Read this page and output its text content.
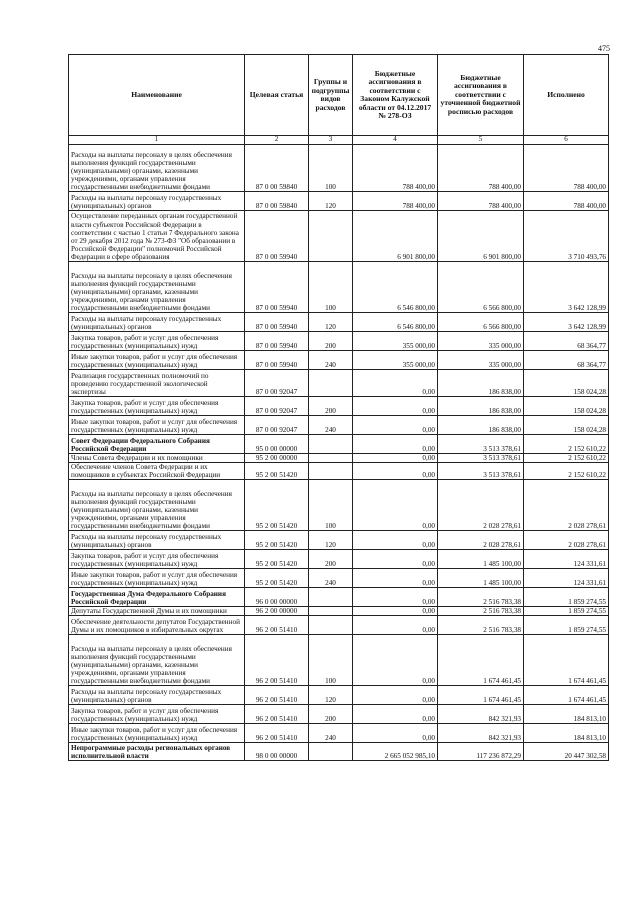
475
Наименование	Целевая статья	Группы и подгруппы видов расходов	Бюджетные ассигнования в соответствии с Законом Калужской области от 04.12.2017 № 278-ОЗ	Бюджетные ассигнования в соответствии с уточненной бюджетной росписью расходов	Исполнено
1	2	3	4	5	6
Расходы на выплаты персоналу в целях обеспечения выполнения функций государственными (муниципальными) органами, казенными учреждениями, органами управления государственными внебюджетными фондами	87 0 00 59840	100	788 400,00	788 400,00	788 400,00
Расходы на выплаты персоналу государственных (муниципальных) органов	87 0 00 59840	120	788 400,00	788 400,00	788 400,00
Осуществление переданных органам государственной власти субъектов Российской Федерации в соответствии с частью 1 статьи 7 Федерального закона от 29 декабря 2012 года № 273-ФЗ "Об образовании в Российской Федерации" полномочий Российской Федерации в сфере образования	87 0 00 59940		6 901 800,00	6 901 800,00	3 710 493,76
Расходы на выплаты персоналу в целях обеспечения выполнения функций государственными (муниципальными) органами, казенными учреждениями, органами управления государственными внебюджетными фондами	87 0 00 59940	100	6 546 800,00	6 566 800,00	3 642 128,99
Расходы на выплаты персоналу государственных (муниципальных) органов	87 0 00 59940	120	6 546 800,00	6 566 800,00	3 642 128,99
Закупка товаров, работ и услуг для обеспечения государственных (муниципальных) нужд	87 0 00 59940	200	355 000,00	335 000,00	68 364,77
Иные закупки товаров, работ и услуг для обеспечения государственных (муниципальных) нужд	87 0 00 59940	240	355 000,00	335 000,00	68 364,77
Реализация государственных полномочий по проведению государственной экологической экспертизы	87 0 00 92047		0,00	186 838,00	158 024,28
Закупка товаров, работ и услуг для обеспечения государственных (муниципальных) нужд	87 0 00 92047	200	0,00	186 838,00	158 024,28
Иные закупки товаров, работ и услуг для обеспечения государственных (муниципальных) нужд	87 0 00 92047	240	0,00	186 838,00	158 024,28
Совет Федерации Федерального Собрания Российской Федерации	95 0 00 00000		0,00	3 513 378,61	2 152 610,22
Члены Совета Федерации и их помощники	95 2 00 00000		0,00	3 513 378,61	2 152 610,22
Обеспечение членов Совета Федерации и их помощников в субъектах Российской Федерации	95 2 00 51420		0,00	3 513 378,61	2 152 610,22
Расходы на выплаты персоналу в целях обеспечения выполнения функций государственными (муниципальными) органами, казенными учреждениями, органами управления государственными внебюджетными фондами	95 2 00 51420	100	0,00	2 028 278,61	2 028 278,61
Расходы на выплаты персоналу государственных (муниципальных) органов	95 2 00 51420	120	0,00	2 028 278,61	2 028 278,61
Закупка товаров, работ и услуг для обеспечения государственных (муниципальных) нужд	95 2 00 51420	200	0,00	1 485 100,00	124 331,61
Иные закупки товаров, работ и услуг для обеспечения государственных (муниципальных) нужд	95 2 00 51420	240	0,00	1 485 100,00	124 331,61
Государственная Дума Федерального Собрания Российской Федерации	96 0 00 00000		0,00	2 516 783,38	1 859 274,55
Депутаты Государственной Думы и их помощники	96 2 00 00000		0,00	2 516 783,38	1 859 274,55
Обеспечение деятельности депутатов Государственной Думы и их помощников в избирательных округах	96 2 00 51410		0,00	2 516 783,38	1 859 274,55
Расходы на выплаты персоналу в целях обеспечения выполнения функций государственными (муниципальными) органами, казенными учреждениями, органами управления государственными внебюджетными фондами	96 2 00 51410	100	0,00	1 674 461,45	1 674 461,45
Расходы на выплаты персоналу государственных (муниципальных) органов	96 2 00 51410	120	0,00	1 674 461,45	1 674 461,45
Закупка товаров, работ и услуг для обеспечения государственных (муниципальных) нужд	96 2 00 51410	200	0,00	842 321,93	184 813,10
Иные закупки товаров, работ и услуг для обеспечения государственных (муниципальных) нужд	96 2 00 51410	240	0,00	842 321,93	184 813,10
Непрограммные расходы региональных органов исполнительной власти	98 0 00 00000		2 665 052 985,10	117 236 872,29	20 447 302,58
